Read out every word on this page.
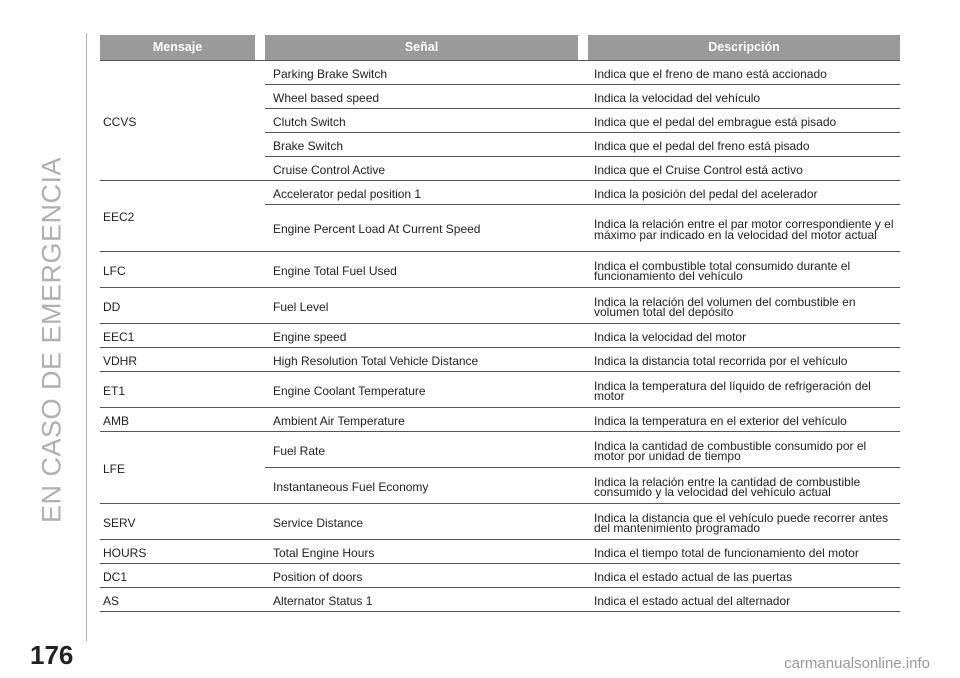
EN CASO DE EMERGENCIA
Mensaje	Señal	Descripción
CCVS	Parking Brake Switch	Indica que el freno de mano está accionado
	Wheel based speed	Indica la velocidad del vehículo
	Clutch Switch	Indica que el pedal del embrague está pisado
	Brake Switch	Indica que el pedal del freno está pisado
	Cruise Control Active	Indica que el Cruise Control está activo
EEC2	Accelerator pedal position 1	Indica la posición del pedal del acelerador
	Engine Percent Load At Current Speed	Indica la relación entre el par motor correspondiente y el máximo par indicado en la velocidad del motor actual
LFC	Engine Total Fuel Used	Indica el combustible total consumido durante el funcionamiento del vehículo
DD	Fuel Level	Indica la relación del volumen del combustible en volumen total del depósito
EEC1	Engine speed	Indica la velocidad del motor
VDHR	High Resolution Total Vehicle Distance	Indica la distancia total recorrida por el vehículo
ET1	Engine Coolant Temperature	Indica la temperatura del líquido de refrigeración del motor
AMB	Ambient Air Temperature	Indica la temperatura en el exterior del vehículo
LFE	Fuel Rate	Indica la cantidad de combustible consumido por el motor por unidad de tiempo
	Instantaneous Fuel Economy	Indica la relación entre la cantidad de combustible consumido y la velocidad del vehículo actual
SERV	Service Distance	Indica la distancia que el vehículo puede recorrer antes del mantenimiento programado
HOURS	Total Engine Hours	Indica el tiempo total de funcionamiento del motor
DC1	Position of doors	Indica el estado actual de las puertas
AS	Alternator Status 1	Indica el estado actual del alternador
176	carmanualsonline.info
